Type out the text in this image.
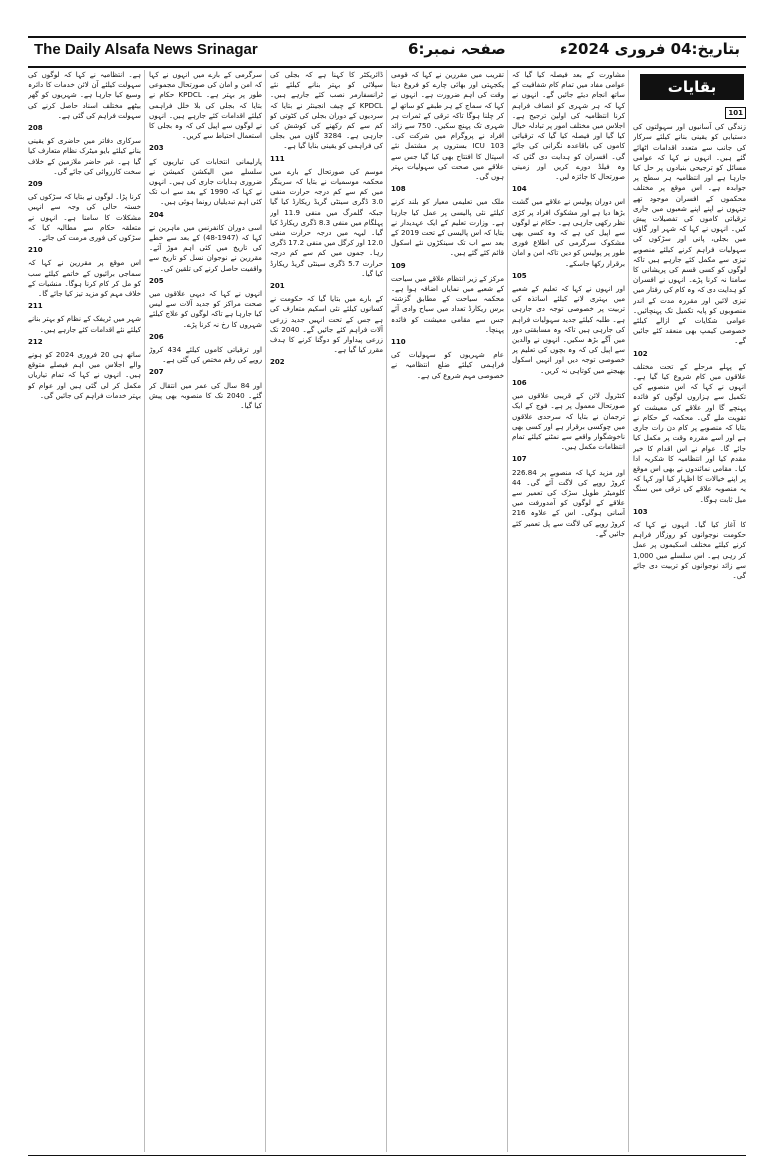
The Daily Alsafa News Srinagar	صفحہ نمبر:6	بتاریخ:04 فروری 2024ء
بقایات
101

زندگی کی آسانیوں اور سہولتوں کی دستیابی کو یقینی بنانے کیلئے سرکار کی جانب سے متعدد اقدامات اٹھائے گئے ہیں۔ انہوں نے کہا کہ عوامی مسائل کو ترجیحی بنیادوں پر حل کیا جارہا ہے اور انتظامیہ ہر سطح پر جوابدہ ہے۔ اس موقع پر مختلف محکموں کے افسران موجود تھے جنہوں نے اپنے اپنے شعبوں میں جاری ترقیاتی کاموں کی تفصیلات پیش کیں۔ انہوں نے کہا کہ شہر اور گاؤں میں بجلی، پانی اور سڑکوں کی سہولیات فراہم کرنے کیلئے منصوبے تیزی سے مکمل کئے جارہے ہیں تاکہ لوگوں کو کسی قسم کی پریشانی کا سامنا نہ کرنا پڑے۔ انہوں نے افسران کو ہدایت دی کہ وہ کام کی رفتار میں تیزی لائیں اور مقررہ مدت کے اندر منصوبوں کو پایہ تکمیل تک پہنچائیں۔ عوامی شکایات کے ازالے کیلئے خصوصی کیمپ بھی منعقد کئے جائیں گے۔

102

کے پہلے مرحلے کے تحت مختلف علاقوں میں کام شروع کیا گیا ہے۔ انہوں نے کہا کہ اس منصوبے کی تکمیل سے ہزاروں لوگوں کو فائدہ پہنچے گا اور علاقے کی معیشت کو تقویت ملے گی۔ محکمہ کے حکام نے بتایا کہ منصوبے پر کام دن رات جاری ہے اور اسے مقررہ وقت پر مکمل کیا جائے گا۔ عوام نے اس اقدام کا خیر مقدم کیا اور انتظامیہ کا شکریہ ادا کیا۔ مقامی نمائندوں نے بھی اس موقع پر اپنے خیالات کا اظہار کیا اور کہا کہ یہ منصوبہ علاقے کی ترقی میں سنگ میل ثابت ہوگا۔

103

کا آغاز کیا گیا۔ انہوں نے کہا کہ حکومت نوجوانوں کو روزگار فراہم کرنے کیلئے مختلف اسکیموں پر عمل کر رہی ہے۔ اس سلسلے میں 1,000 سے زائد نوجوانوں کو تربیت دی جائے گی۔

مشاورت کے بعد فیصلہ کیا گیا کہ عوامی مفاد میں تمام کام شفافیت کے ساتھ انجام دیئے جائیں گے۔ انہوں نے کہا کہ ہر شہری کو انصاف فراہم کرنا انتظامیہ کی اولین ترجیح ہے۔ اجلاس میں مختلف امور پر تبادلہ خیال کیا گیا اور فیصلہ کیا گیا کہ ترقیاتی کاموں کی باقاعدہ نگرانی کی جائے گی۔ افسران کو ہدایت دی گئی کہ وہ فیلڈ دورے کریں اور زمینی صورتحال کا جائزہ لیں۔

104

اس دوران پولیس نے علاقے میں گشت بڑھا دیا ہے اور مشکوک افراد پر کڑی نظر رکھی جارہی ہے۔ حکام نے لوگوں سے اپیل کی ہے کہ وہ کسی بھی مشکوک سرگرمی کی اطلاع فوری طور پر پولیس کو دیں تاکہ امن و امان برقرار رکھا جاسکے۔

105

اور انہوں نے کہا کہ تعلیم کے شعبے میں بہتری لانے کیلئے اساتذہ کی تربیت پر خصوصی توجہ دی جارہی ہے۔ طلبہ کیلئے جدید سہولیات فراہم کی جارہی ہیں تاکہ وہ مسابقتی دور میں آگے بڑھ سکیں۔ انہوں نے والدین سے اپیل کی کہ وہ بچوں کی تعلیم پر خصوصی توجہ دیں اور انہیں اسکول بھیجنے میں کوتاہی نہ کریں۔

106

کنٹرول لائن کے قریبی علاقوں میں صورتحال معمول پر ہے۔ فوج کے ایک ترجمان نے بتایا کہ سرحدی علاقوں میں چوکسی برقرار ہے اور کسی بھی ناخوشگوار واقعے سے نمٹنے کیلئے تمام انتظامات مکمل ہیں۔

107

اور مزید کہا کہ منصوبے پر 226.84 کروڑ روپے کی لاگت آئے گی۔ 44 کلومیٹر طویل سڑک کی تعمیر سے علاقے کے لوگوں کو آمدورفت میں آسانی ہوگی۔ اس کے علاوہ 216 کروڑ روپے کی لاگت سے پل تعمیر کئے جائیں گے۔

تقریب میں مقررین نے کہا کہ قومی یکجہتی اور بھائی چارے کو فروغ دینا وقت کی اہم ضرورت ہے۔ انہوں نے کہا کہ سماج کے ہر طبقے کو ساتھ لے کر چلنا ہوگا تاکہ ترقی کے ثمرات ہر شہری تک پہنچ سکیں۔ 750 سے زائد افراد نے پروگرام میں شرکت کی۔ ICU 103 بستروں پر مشتمل نئے اسپتال کا افتتاح بھی کیا گیا جس سے علاقے میں صحت کی سہولیات بہتر ہوں گی۔

108

ملک میں تعلیمی معیار کو بلند کرنے کیلئے نئی پالیسی پر عمل کیا جارہا ہے۔ وزارت تعلیم کے ایک عہدیدار نے بتایا کہ اس پالیسی کے تحت 2019 کے بعد سے اب تک سینکڑوں نئے اسکول قائم کئے گئے ہیں۔

109

مرکز کے زیر انتظام علاقے میں سیاحت کے شعبے میں نمایاں اضافہ ہوا ہے۔ محکمہ سیاحت کے مطابق گزشتہ برس ریکارڈ تعداد میں سیاح وادی آئے جس سے مقامی معیشت کو فائدہ پہنچا۔

110

عام شہریوں کو سہولیات کی فراہمی کیلئے ضلع انتظامیہ نے خصوصی مہم شروع کی ہے۔

ڈائریکٹر کا کہنا ہے کہ بجلی کی سپلائی کو بہتر بنانے کیلئے نئے ٹرانسفارمر نصب کئے جارہے ہیں۔ KPDCL کے چیف انجینئر نے بتایا کہ سردیوں کے دوران بجلی کی کٹوتی کو کم سے کم رکھنے کی کوشش کی جارہی ہے۔ 3284 گاؤں میں بجلی کی فراہمی کو یقینی بنایا گیا ہے۔

111

موسم کی صورتحال کے بارے میں محکمہ موسمیات نے بتایا کہ سرینگر میں کم سے کم درجہ حرارت منفی 3.0 ڈگری سینٹی گریڈ ریکارڈ کیا گیا جبکہ گلمرگ میں منفی 11.9 اور پہلگام میں منفی 8.3 ڈگری ریکارڈ کیا گیا۔ لیہہ میں درجہ حرارت منفی 12.0 اور کرگل میں منفی 17.2 ڈگری رہا۔ جموں میں کم سے کم درجہ حرارت 5.7 ڈگری سینٹی گریڈ ریکارڈ کیا گیا۔

201

کے بارے میں بتایا گیا کہ حکومت نے کسانوں کیلئے نئی اسکیم متعارف کی ہے جس کے تحت انہیں جدید زرعی آلات فراہم کئے جائیں گے۔ 2040 تک زرعی پیداوار کو دوگنا کرنے کا ہدف مقرر کیا گیا ہے۔

202

سرگرمی کے بارے میں انہوں نے کہا کہ امن و امان کی صورتحال مجموعی طور پر بہتر ہے۔ KPDCL حکام نے بتایا کہ بجلی کی بلا خلل فراہمی کیلئے اقدامات کئے جارہے ہیں۔ انہوں نے لوگوں سے اپیل کی کہ وہ بجلی کا استعمال احتیاط سے کریں۔

203

پارلیمانی انتخابات کی تیاریوں کے سلسلے میں الیکشن کمیشن نے ضروری ہدایات جاری کی ہیں۔ انہوں نے کہا کہ 1990 کے بعد سے اب تک کئی اہم تبدیلیاں رونما ہوئی ہیں۔

204

اسی دوران کانفرنس میں ماہرین نے کہا کہ (1947-48) کے بعد سے خطے کی تاریخ میں کئی اہم موڑ آئے۔ مقررین نے نوجوان نسل کو تاریخ سے واقفیت حاصل کرنے کی تلقین کی۔

205

انہوں نے کہا کہ دیہی علاقوں میں صحت مراکز کو جدید آلات سے لیس کیا جارہا ہے تاکہ لوگوں کو علاج کیلئے شہروں کا رخ نہ کرنا پڑے۔

206

اور ترقیاتی کاموں کیلئے 434 کروڑ روپے کی رقم مختص کی گئی ہے۔

207

اور 84 سال کی عمر میں انتقال کر گئے۔ 2040 تک کا منصوبہ بھی پیش کیا گیا۔

ہے۔ انتظامیہ نے کہا کہ لوگوں کی سہولت کیلئے آن لائن خدمات کا دائرہ وسیع کیا جارہا ہے۔ شہریوں کو گھر بیٹھے مختلف اسناد حاصل کرنے کی سہولت فراہم کی گئی ہے۔

208

سرکاری دفاتر میں حاضری کو یقینی بنانے کیلئے بایو میٹرک نظام متعارف کیا گیا ہے۔ غیر حاضر ملازمین کے خلاف سخت کارروائی کی جائے گی۔

209

کرنا پڑا۔ لوگوں نے بتایا کہ سڑکوں کی خستہ حالی کی وجہ سے انہیں مشکلات کا سامنا ہے۔ انہوں نے متعلقہ حکام سے مطالبہ کیا کہ سڑکوں کی فوری مرمت کی جائے۔

210

اس موقع پر مقررین نے کہا کہ سماجی برائیوں کے خاتمے کیلئے سب کو مل کر کام کرنا ہوگا۔ منشیات کے خلاف مہم کو مزید تیز کیا جائے گا۔

211

شہر میں ٹریفک کے نظام کو بہتر بنانے کیلئے نئے اقدامات کئے جارہے ہیں۔

212

ساتھ ہی 20 فروری 2024 کو ہونے والے اجلاس میں اہم فیصلے متوقع ہیں۔ انہوں نے کہا کہ تمام تیاریاں مکمل کر لی گئی ہیں اور عوام کو بہتر خدمات فراہم کی جائیں گی۔
